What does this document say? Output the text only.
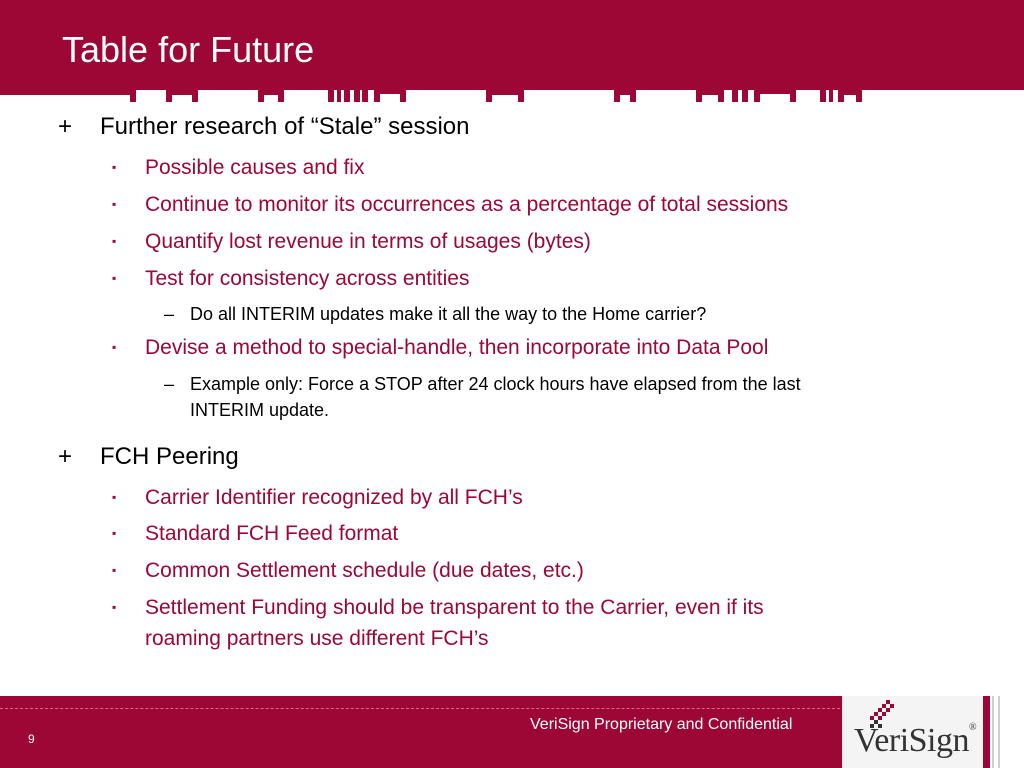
Table for Future
+	Further research of “Stale” session
▪ Possible causes and fix
▪ Continue to monitor its occurrences as a percentage of total sessions
▪ Quantify lost revenue in terms of usages (bytes)
▪ Test for consistency across entities
– Do all INTERIM updates make it all the way to the Home carrier?
▪ Devise a method to special-handle, then incorporate into Data Pool
– Example only: Force a STOP after 24 clock hours have elapsed from the last
INTERIM update.
+	FCH Peering
▪ Carrier Identifier recognized by all FCH’s
▪ Standard FCH Feed format
▪ Common Settlement schedule (due dates, etc.)
▪ Settlement Funding should be transparent to the Carrier, even if its
roaming partners use different FCH’s
9
VeriSign Proprietary and Confidential VeriSign®
